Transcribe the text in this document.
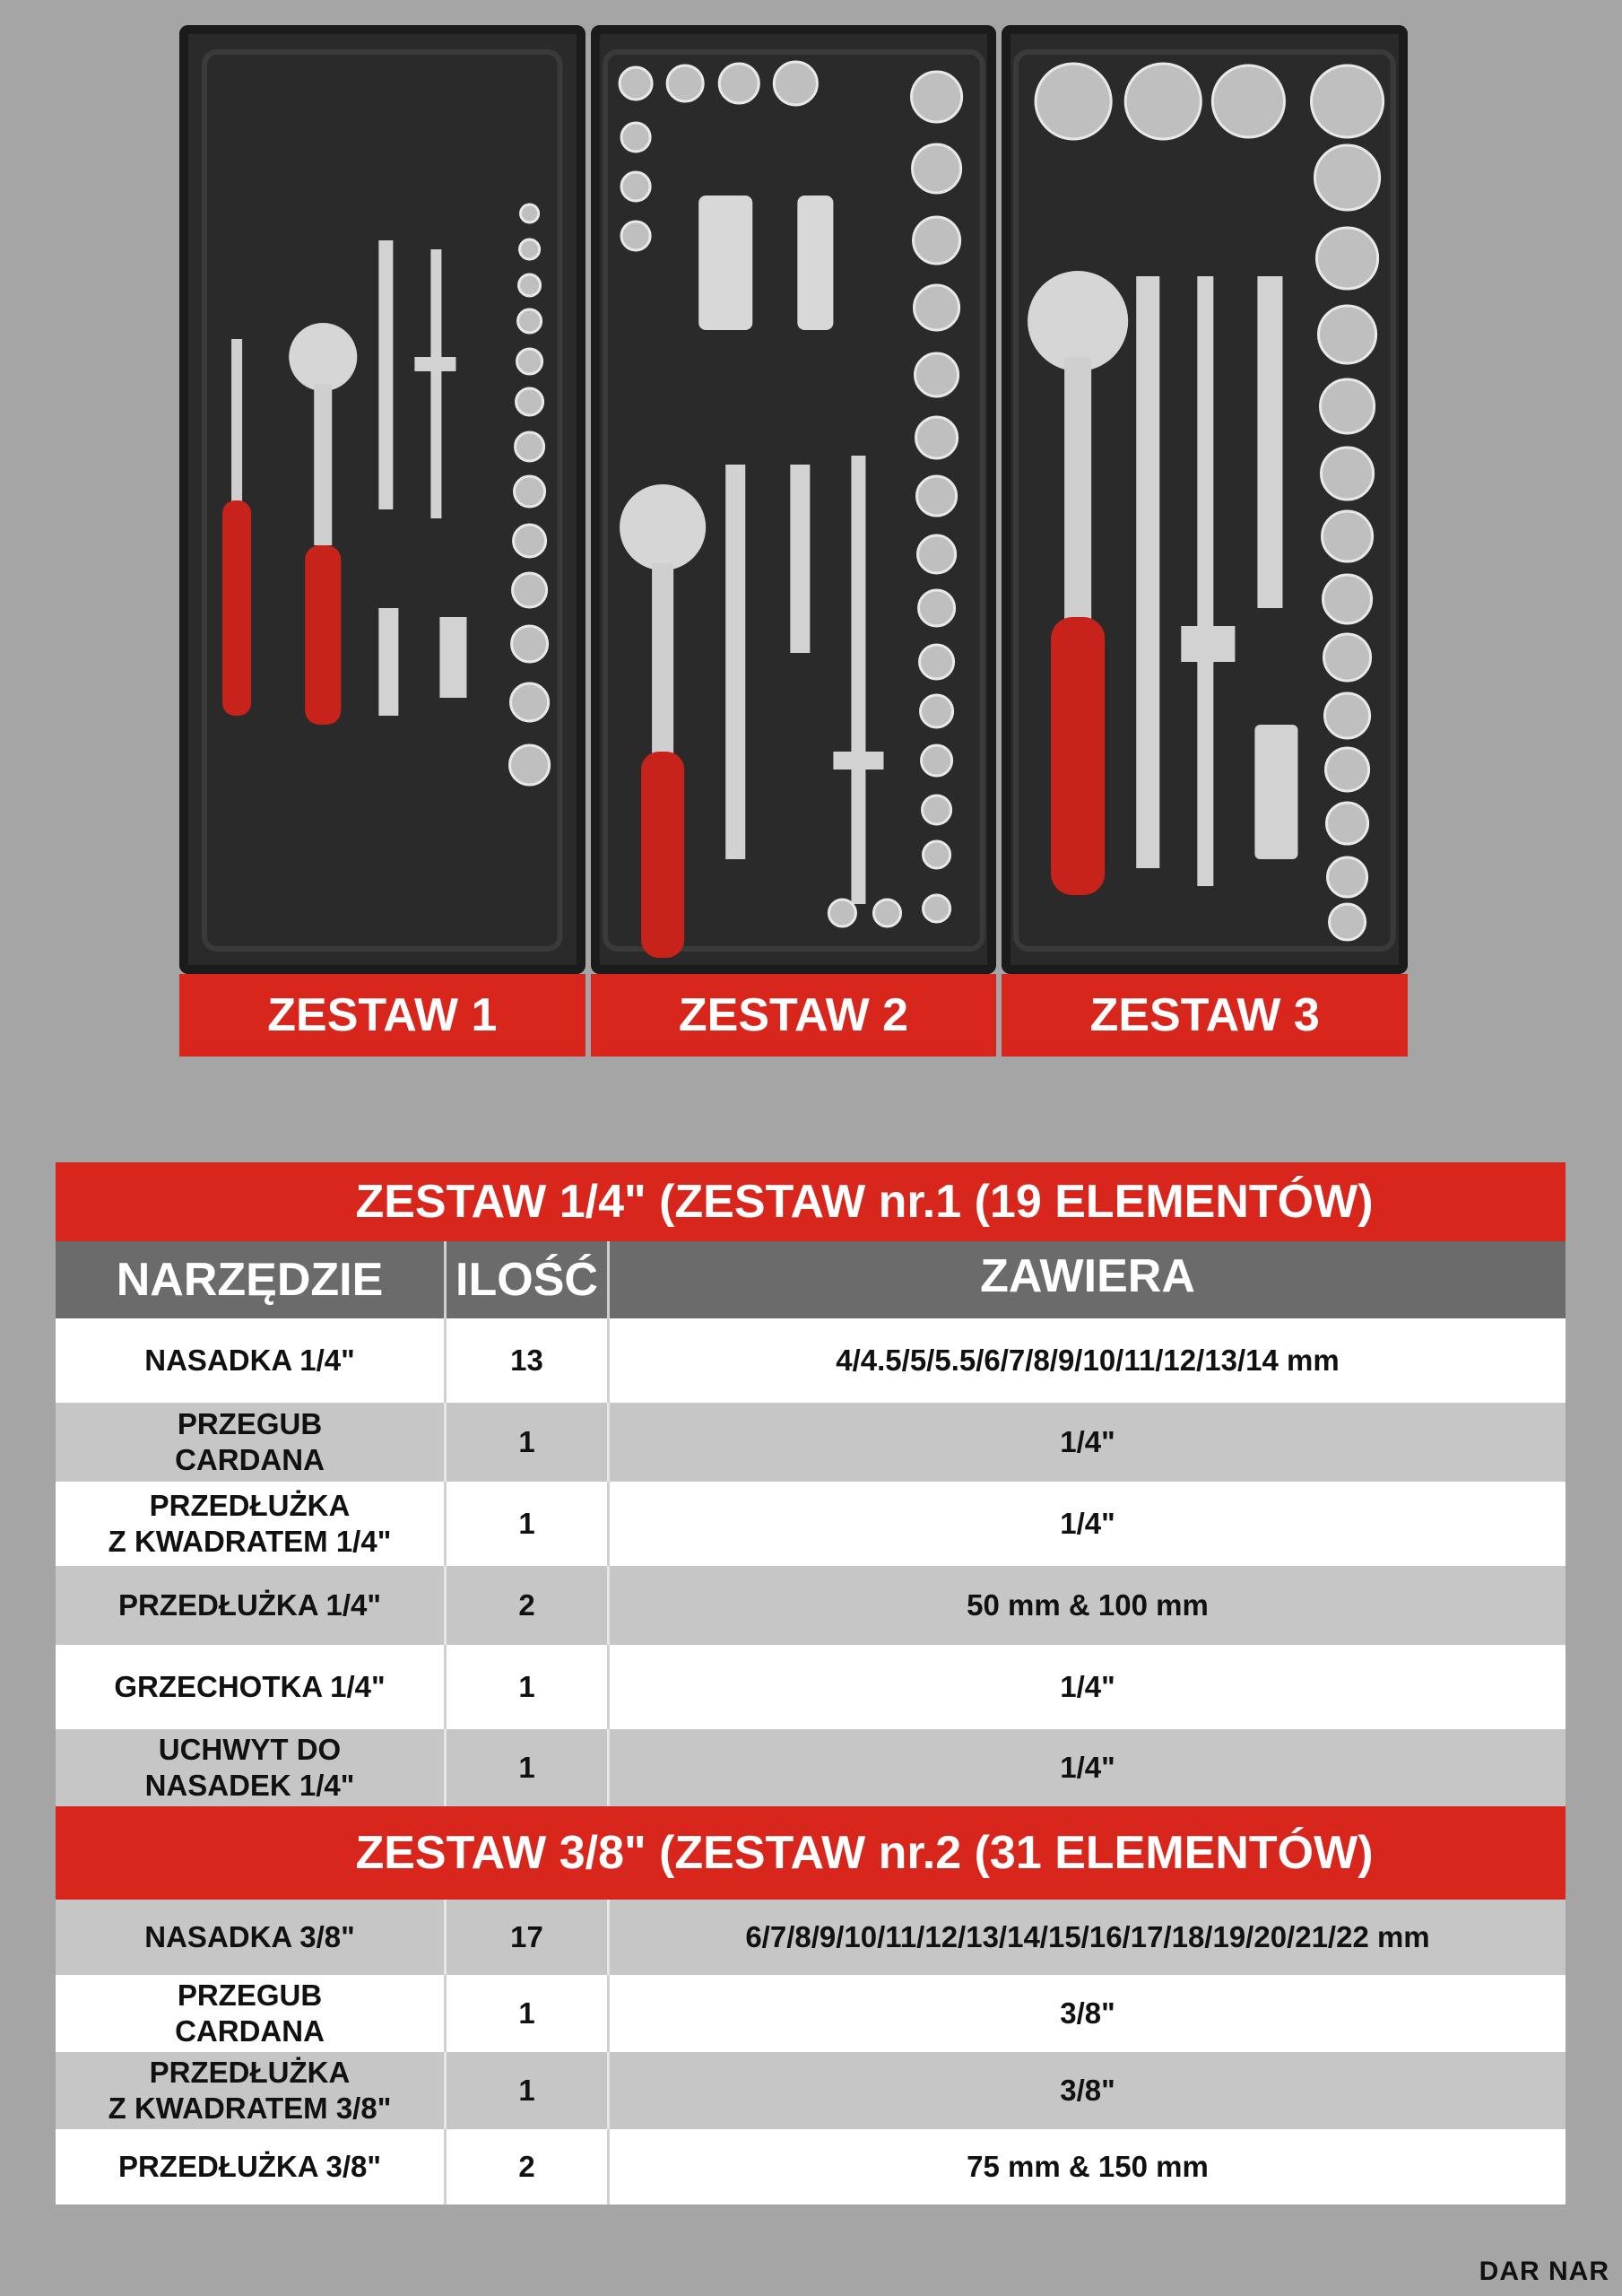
ZESTAW 1	ZESTAW 2	ZESTAW 3
ZESTAW 1/4" (ZESTAW nr.1 (19 ELEMENTÓW)
NARZĘDZIE	ILOŚĆ	ZAWIERA
NASADKA 1/4"	13	4/4.5/5/5.5/6/7/8/9/10/11/12/13/14 mm
PRZEGUB
CARDANA
1	1/4"
PRZEDŁUŻKA
Z KWADRATEM 1/4"
1	1/4"
PRZEDŁUŻKA 1/4"	2	50 mm & 100 mm
GRZECHOTKA 1/4"	1	1/4"
UCHWYT DO
NASADEK 1/4"
1	1/4"
ZESTAW 3/8" (ZESTAW nr.2 (31 ELEMENTÓW)
NASADKA 3/8"	17	6/7/8/9/10/11/12/13/14/15/16/17/18/19/20/21/22 mm
PRZEGUB
CARDANA
1	3/8"
PRZEDŁUŻKA
Z KWADRATEM 3/8"
1	3/8"
PRZEDŁUŻKA 3/8"	2	75 mm & 150 mm
DAR NAR
